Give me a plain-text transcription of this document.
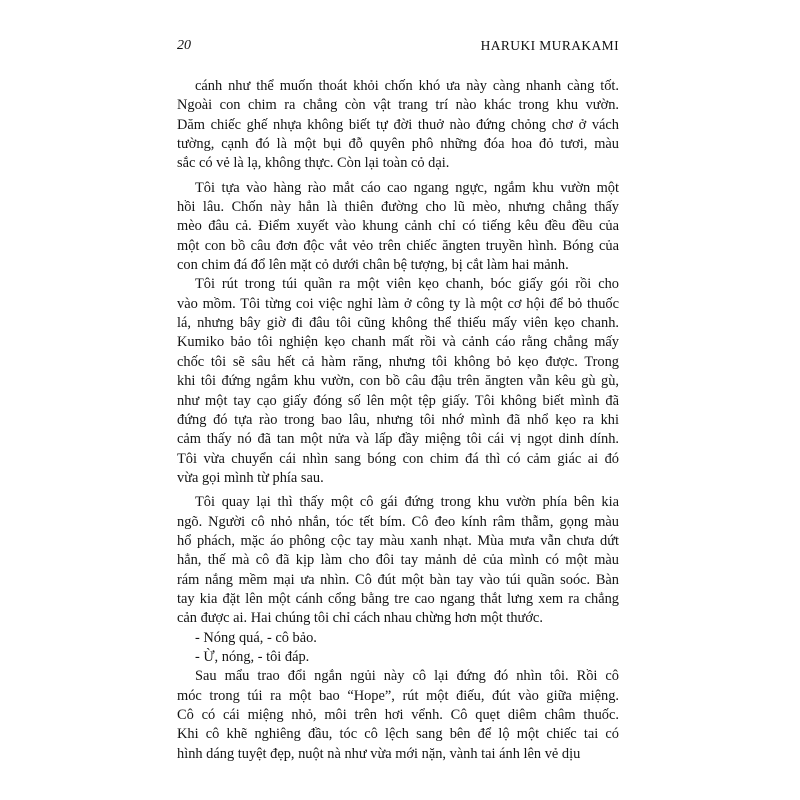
20	HARUKI MURAKAMI
cánh như thể muốn thoát khỏi chốn khó ưa này càng nhanh càng tốt.
Ngoài con chim ra chẳng còn vật trang trí nào khác trong khu vườn.
Dăm chiếc ghế nhựa không biết tự đời thuở nào đứng chỏng chơ ở vách
tường, cạnh đó là một bụi đỗ quyên phô những đóa hoa đỏ tươi, màu
sắc có vẻ là lạ, không thực. Còn lại toàn cỏ dại.
Tôi tựa vào hàng rào mắt cáo cao ngang ngực, ngắm khu vườn một
hồi lâu. Chốn này hẳn là thiên đường cho lũ mèo, nhưng chẳng thấy
mèo đâu cả. Điểm xuyết vào khung cảnh chỉ có tiếng kêu đều đều của
một con bồ câu đơn độc vắt vẻo trên chiếc ăngten truyền hình. Bóng của
con chim đá đổ lên mặt cỏ dưới chân bệ tượng, bị cắt làm hai mảnh.
Tôi rút trong túi quần ra một viên kẹo chanh, bóc giấy gói rồi cho
vào mồm. Tôi từng coi việc nghỉ làm ở công ty là một cơ hội để bỏ thuốc
lá, nhưng bây giờ đi đâu tôi cũng không thể thiếu mấy viên kẹo chanh.
Kumiko bảo tôi nghiện kẹo chanh mất rồi và cảnh cáo rằng chẳng mấy
chốc tôi sẽ sâu hết cả hàm răng, nhưng tôi không bỏ kẹo được. Trong
khi tôi đứng ngắm khu vườn, con bồ câu đậu trên ăngten vẫn kêu gù gù,
như một tay cạo giấy đóng số lên một tệp giấy. Tôi không biết mình đã
đứng đó tựa rào trong bao lâu, nhưng tôi nhớ mình đã nhổ kẹo ra khi
cảm thấy nó đã tan một nửa và lấp đầy miệng tôi cái vị ngọt dinh dính.
Tôi vừa chuyển cái nhìn sang bóng con chim đá thì có cảm giác ai đó
vừa gọi mình từ phía sau.
Tôi quay lại thì thấy một cô gái đứng trong khu vườn phía bên kia
ngõ. Người cô nhỏ nhắn, tóc tết bím. Cô đeo kính râm thẫm, gọng màu
hổ phách, mặc áo phông cộc tay màu xanh nhạt. Mùa mưa vẫn chưa dứt
hẳn, thế mà cô đã kịp làm cho đôi tay mảnh dẻ của mình có một màu
rám nắng mềm mại ưa nhìn. Cô đút một bàn tay vào túi quần soóc. Bàn
tay kia đặt lên một cánh cổng bằng tre cao ngang thắt lưng xem ra chẳng
cản được ai. Hai chúng tôi chỉ cách nhau chừng hơn một thước.
- Nóng quá, - cô bảo.
- Ừ, nóng, - tôi đáp.
Sau mẩu trao đổi ngắn ngủi này cô lại đứng đó nhìn tôi. Rồi cô
móc trong túi ra một bao “Hope”, rút một điếu, đút vào giữa miệng.
Cô có cái miệng nhỏ, môi trên hơi vểnh. Cô quẹt diêm châm thuốc.
Khi cô khẽ nghiêng đầu, tóc cô lệch sang bên để lộ một chiếc tai có
hình dáng tuyệt đẹp, nuột nà như vừa mới nặn, vành tai ánh lên vẻ dịu
